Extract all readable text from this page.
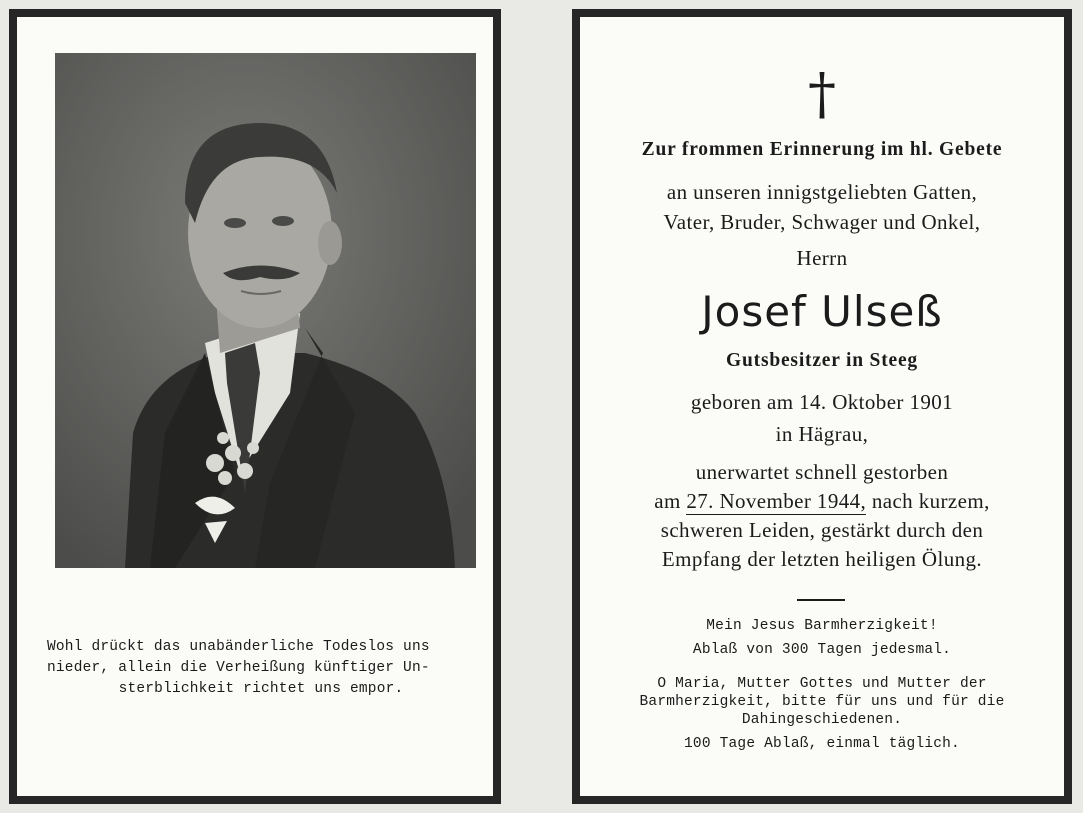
Wohl drückt das unabänderliche Todeslos uns

nieder, allein die Verheißung künftiger Un-

sterblichkeit richtet uns empor.

†
Zur frommen Erinnerung im hl. Gebete
an unseren innigstgeliebten Gatten,
Vater, Bruder, Schwager und Onkel,
Herrn
Josef Ulseß
Gutsbesitzer in Steeg
geboren am 14. Oktober 1901
in Hägrau,
unerwartet schnell gestorben
am 27. November 1944, nach kurzem,
schweren Leiden, gestärkt durch den
Empfang der letzten heiligen Ölung.
Mein Jesus Barmherzigkeit!
Ablaß von 300 Tagen jedesmal.
O Maria, Mutter Gottes und Mutter der
Barmherzigkeit, bitte für uns und für die
Dahingeschiedenen.
100 Tage Ablaß, einmal täglich.
